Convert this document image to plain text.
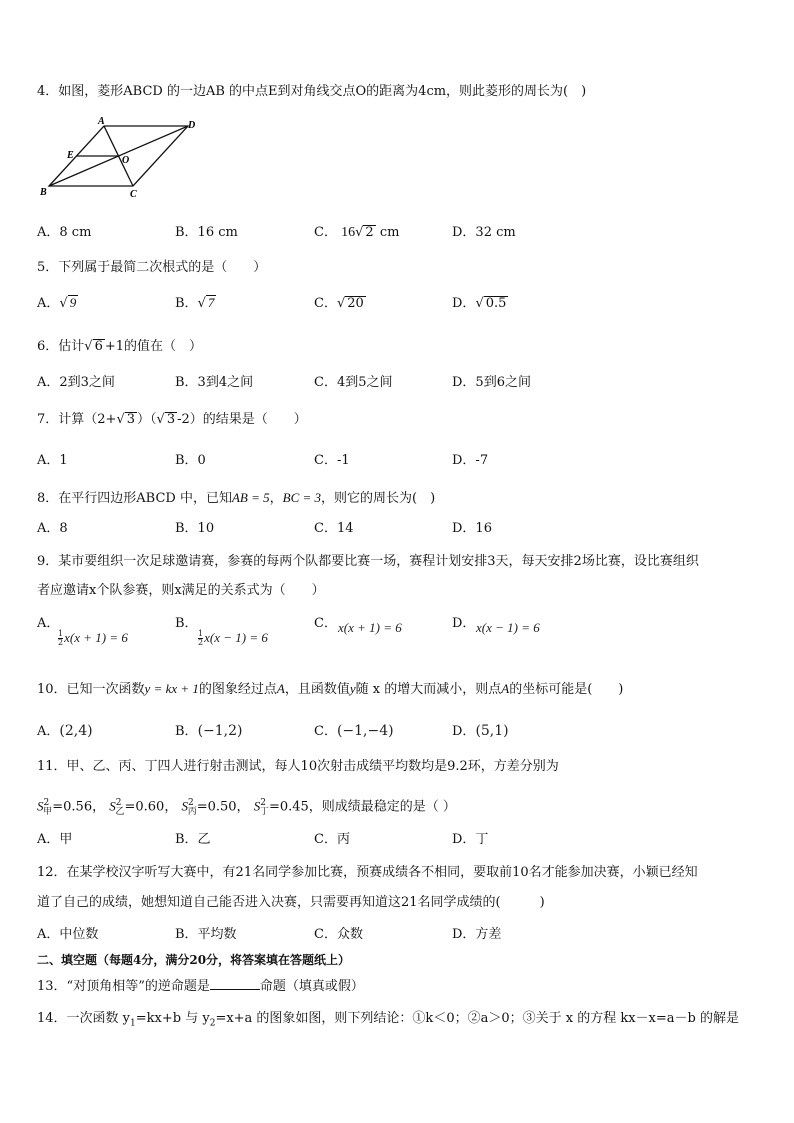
4．如图，菱形ABCD 的一边AB 的中点E到对角线交点O的距离为4cm，则此菱形的周长为(　)
A	D
E	O
B	C
A．8 cm	B．16 cm	C． 16√ 2 cm	D．32 cm
5．下列属于最简二次根式的是（　　）
A．√ 9	B．√ 7	C．√ 20	D．√ 0.5
6．估计√ 6 +1的值在（　）
A．2到3之间	B．3到4之间	C．4到5之间	D．5到6之间
7．计算（2+√ 3 ）（√ 3 -2）的结果是（　　）
A．1	B．0	C．-1	D．-7
8．在平行四边形ABCD 中，已知AB = 5，BC = 3，则它的周长为(　)
A．8	B．10	C．14	D．16
9．某市要组织一次足球邀请赛，参赛的每两个队都要比赛一场，赛程计划安排3天，每天安排2场比赛，设比赛组织
者应邀请x个队参赛，则x满足的关系式为（　　）
A．
$\frac{1}{2} x(x + 1) = 6$
B．
$\frac{1}{2} x(x - 1) = 6$
C． x(x + 1) = 6	D． x(x − 1) = 6
10．已知一次函数y = kx + 1的图象经过点A，且函数值y随 x 的增大而减小，则点A的坐标可能是(　　)
A．(2,4)	B．(−1,2)	C．(−1,−4)	D．(5,1)
11．甲、乙、丙、丁四人进行射击测试，每人10次射击成绩平均数均是9.2环，方差分别为
$S^2_甲=0.56$， $S^2_乙=0.60$， $S^2_丙=0.50$， $S^2_丁=0.45$，则成绩最稳定的是（ ）
A．甲	B．乙	C．丙	D．丁
12．在某学校汉字听写大赛中，有21名同学参加比赛，预赛成绩各不相同，要取前10名才能参加决赛，小颖已经知
道了自己的成绩，她想知道自己能否进入决赛，只需要再知道这21名同学成绩的(　　　)
A．中位数	B．平均数	C．众数	D．方差
二、填空题（每题4分，满分20分，将答案填在答题纸上）
13．“对顶角相等”的逆命题是	命题（填真或假）
14．一次函数 $y_1=kx+b$ 与 $y_2=x+a$ 的图象如图，则下列结论：①k＜0；②a＞0；③关于 x 的方程 kx－x=a－b 的解是
